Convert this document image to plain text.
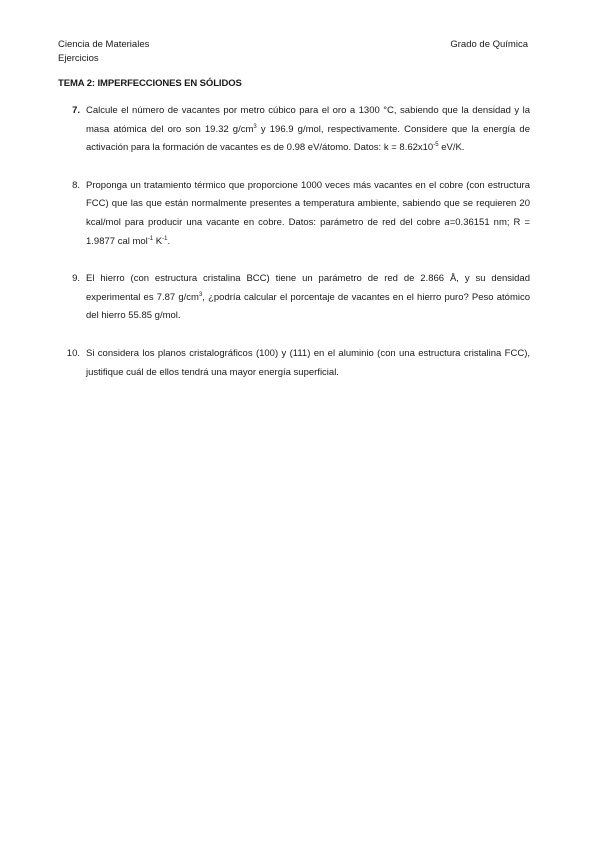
Ciencia de Materiales
Ejercicios
Grado de Química
TEMA 2: IMPERFECCIONES EN SÓLIDOS
7. Calcule el número de vacantes por metro cúbico para el oro a 1300 °C, sabiendo que la densidad y la masa atómica del oro son 19.32 $g/cm^3$ y 196.9 g/mol, respectivamente. Considere que la energía de activación para la formación de vacantes es de 0.98 eV/átomo. Datos: $k = 8.62x10^{-5}$ eV/K.
8. Proponga un tratamiento térmico que proporcione 1000 veces más vacantes en el cobre (con estructura FCC) que las que están normalmente presentes a temperatura ambiente, sabiendo que se requieren 20 kcal/mol para producir una vacante en cobre. Datos: parámetro de red del cobre a=0.36151 nm; R = 1.9877 cal mol$^{-1}$ $K^{-1}$.
9. El hierro (con estructura cristalina BCC) tiene un parámetro de red de 2.866 Å, y su densidad experimental es 7.87 $g/cm^3$, ¿podría calcular el porcentaje de vacantes en el hierro puro? Peso atómico del hierro 55.85 g/mol.
10. Si considera los planos cristalográficos (100) y (111) en el aluminio (con una estructura cristalina FCC), justifique cuál de ellos tendrá una mayor energía superficial.
